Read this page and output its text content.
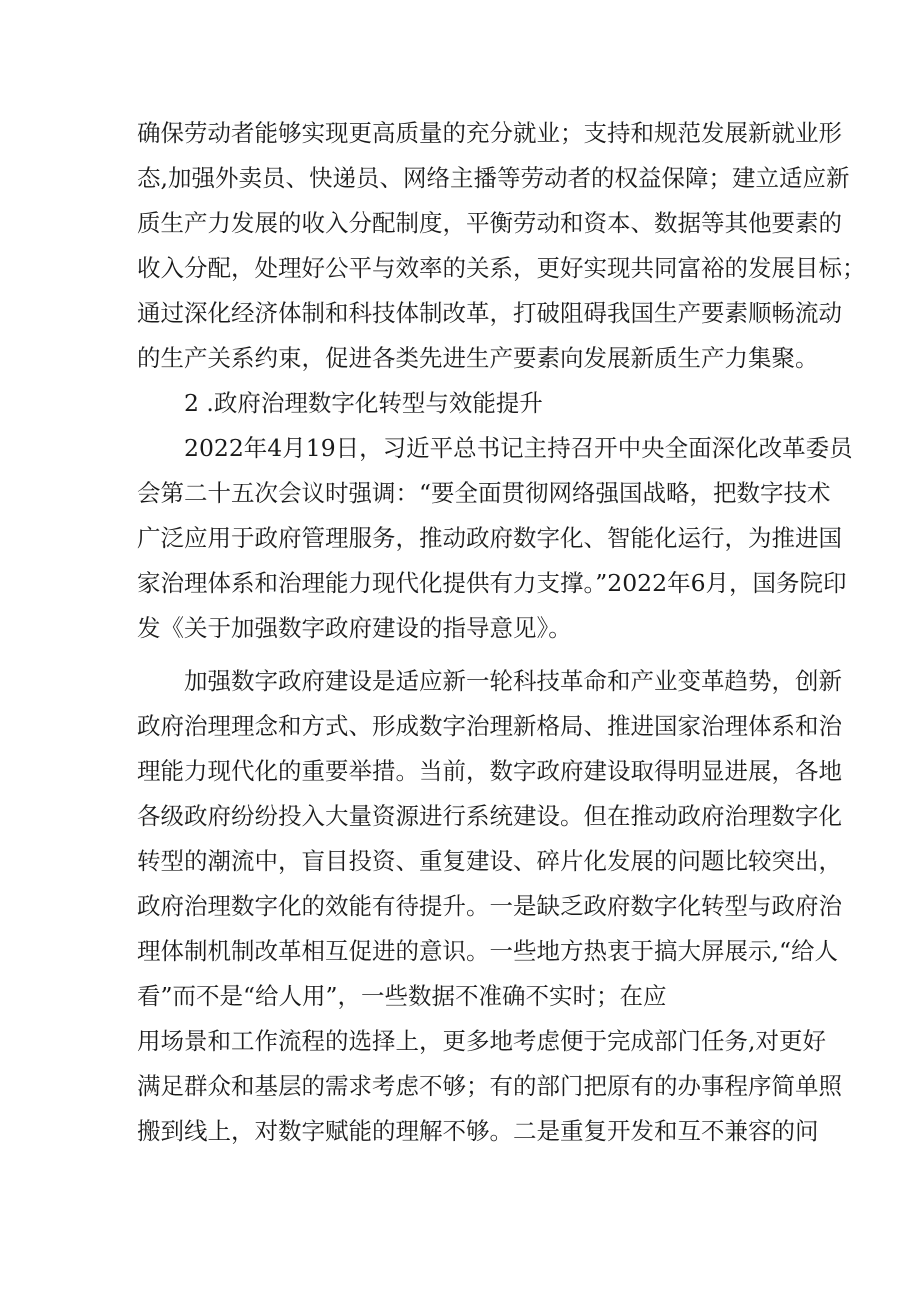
确保劳动者能够实现更高质量的充分就业；支持和规范发展新就业形
态,加强外卖员、快递员、网络主播等劳动者的权益保障；建立适应新
质生产力发展的收入分配制度，平衡劳动和资本、数据等其他要素的
收入分配，处理好公平与效率的关系，更好实现共同富裕的发展目标；
通过深化经济体制和科技体制改革，打破阻碍我国生产要素顺畅流动
的生产关系约束，促进各类先进生产要素向发展新质生产力集聚。
2 .政府治理数字化转型与效能提升
2022年4月19日，习近平总书记主持召开中央全面深化改革委员
会第二十五次会议时强调：“要全面贯彻网络强国战略，把数字技术
广泛应用于政府管理服务，推动政府数字化、智能化运行，为推进国
家治理体系和治理能力现代化提供有力支撑。”2022年6月，国务院印
发《关于加强数字政府建设的指导意见》。
加强数字政府建设是适应新一轮科技革命和产业变革趋势，创新
政府治理理念和方式、形成数字治理新格局、推进国家治理体系和治
理能力现代化的重要举措。当前，数字政府建设取得明显进展，各地
各级政府纷纷投入大量资源进行系统建设。但在推动政府治理数字化
转型的潮流中，盲目投资、重复建设、碎片化发展的问题比较突出，
政府治理数字化的效能有待提升。一是缺乏政府数字化转型与政府治
理体制机制改革相互促进的意识。一些地方热衷于搞大屏展示,“给人
看”而不是“给人用”，一些数据不准确不实时；在应
用场景和工作流程的选择上，更多地考虑便于完成部门任务,对更好
满足群众和基层的需求考虑不够；有的部门把原有的办事程序简单照
搬到线上，对数字赋能的理解不够。二是重复开发和互不兼容的问
